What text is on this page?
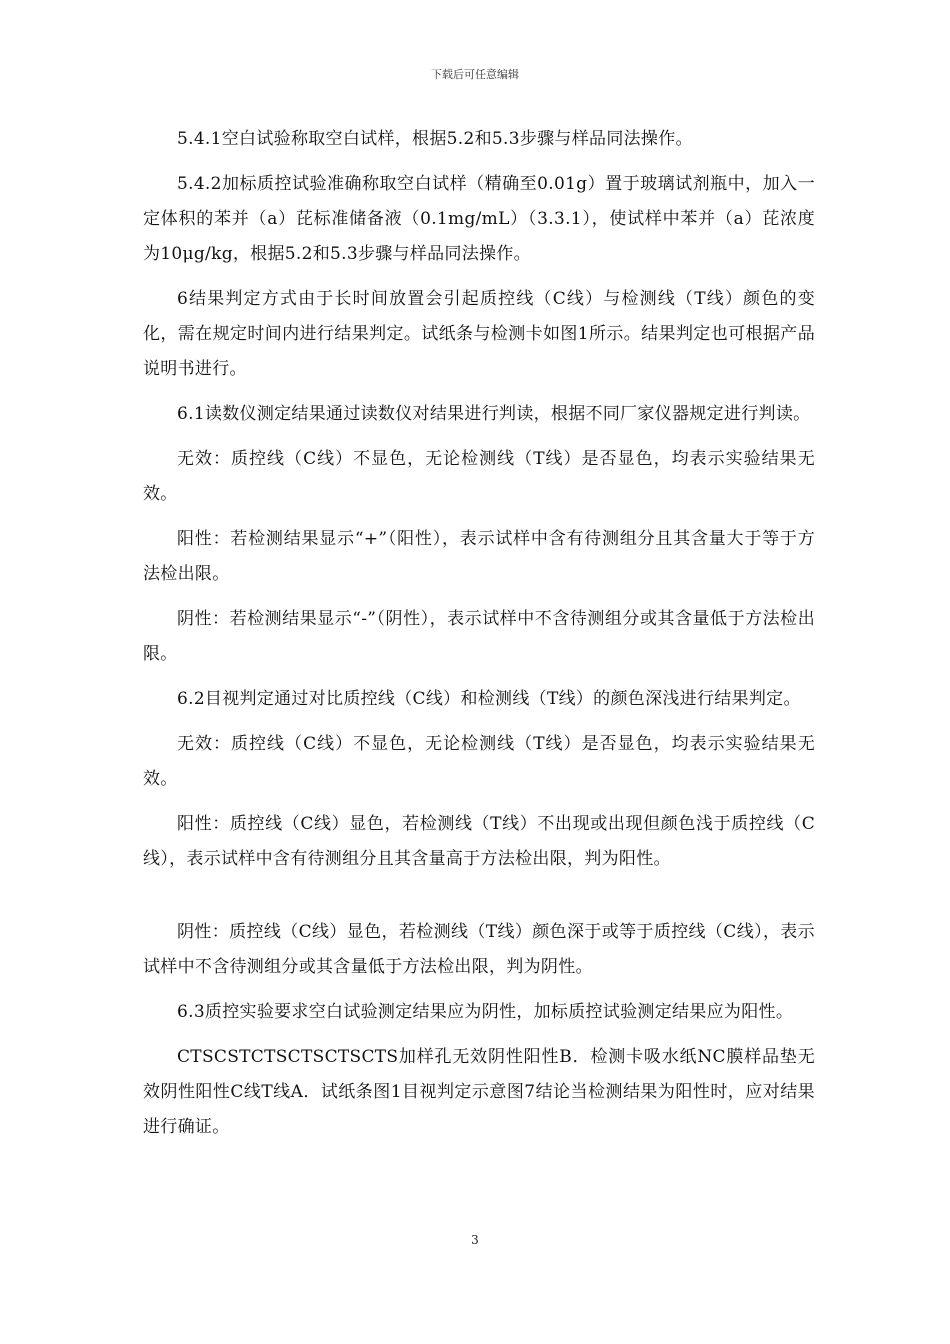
下载后可任意编辑

5.4.1空白试验称取空白试样，根据5.2和5.3步骤与样品同法操作。

5.4.2加标质控试验准确称取空白试样（精确至0.01g）置于玻璃试剂瓶中，加入一定体积的苯并（a）芘标准储备液（0.1mg/mL）（3.3.1），使试样中苯并（a）芘浓度为10μg/kg，根据5.2和5.3步骤与样品同法操作。

6结果判定方式由于长时间放置会引起质控线（C线）与检测线（T线）颜色的变化，需在规定时间内进行结果判定。试纸条与检测卡如图1所示。结果判定也可根据产品说明书进行。

6.1读数仪测定结果通过读数仪对结果进行判读，根据不同厂家仪器规定进行判读。

无效：质控线（C线）不显色，无论检测线（T线）是否显色，均表示实验结果无效。

阳性：若检测结果显示“+”（阳性），表示试样中含有待测组分且其含量大于等于方法检出限。

阴性：若检测结果显示“-”（阴性），表示试样中不含待测组分或其含量低于方法检出限。

6.2目视判定通过对比质控线（C线）和检测线（T线）的颜色深浅进行结果判定。

无效：质控线（C线）不显色，无论检测线（T线）是否显色，均表示实验结果无效。

阳性：质控线（C线）显色，若检测线（T线）不出现或出现但颜色浅于质控线（C线），表示试样中含有待测组分且其含量高于方法检出限，判为阳性。

阴性：质控线（C线）显色，若检测线（T线）颜色深于或等于质控线（C线），表示试样中不含待测组分或其含量低于方法检出限，判为阴性。

6.3质控实验要求空白试验测定结果应为阴性，加标质控试验测定结果应为阳性。

CTSCSTCTSCTSCTSCTS加样孔无效阴性阳性B．检测卡吸水纸NC膜样品垫无效阴性阳性C线T线A．试纸条图1目视判定示意图7结论当检测结果为阳性时，应对结果进行确证。

3
